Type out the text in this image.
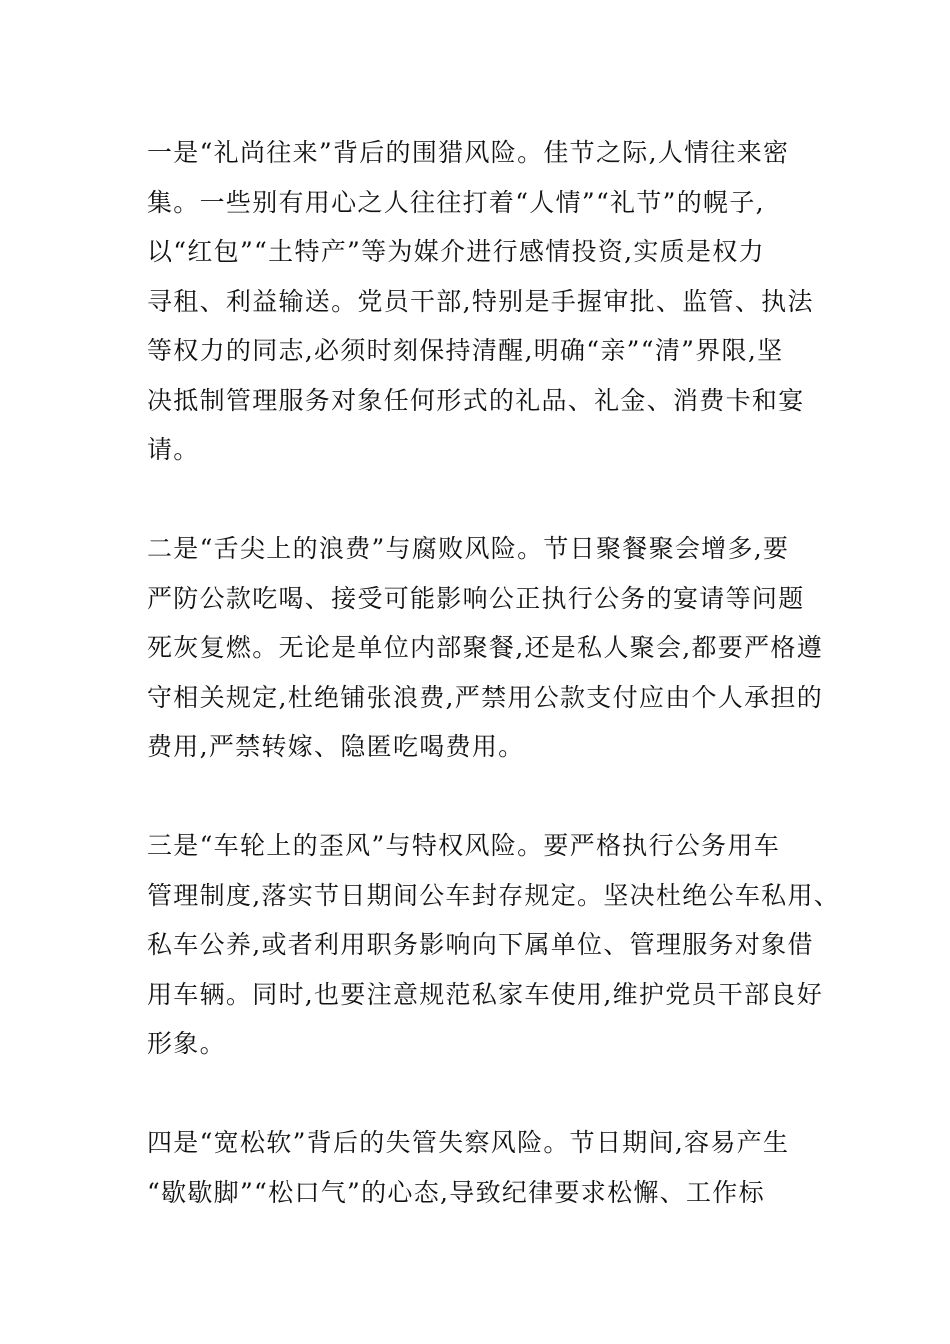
一是“礼尚往来”背后的围猎风险。佳节之际,人情往来密
集。一些别有用心之人往往打着“人情”“礼节”的幌子,
以“红包”“土特产”等为媒介进行感情投资,实质是权力
寻租、利益输送。党员干部,特别是手握审批、监管、执法
等权力的同志,必须时刻保持清醒,明确“亲”“清”界限,坚
决抵制管理服务对象任何形式的礼品、礼金、消费卡和宴
请。
二是“舌尖上的浪费”与腐败风险。节日聚餐聚会增多,要
严防公款吃喝、接受可能影响公正执行公务的宴请等问题
死灰复燃。无论是单位内部聚餐,还是私人聚会,都要严格遵
守相关规定,杜绝铺张浪费,严禁用公款支付应由个人承担的
费用,严禁转嫁、隐匿吃喝费用。
三是“车轮上的歪风”与特权风险。要严格执行公务用车
管理制度,落实节日期间公车封存规定。坚决杜绝公车私用、
私车公养,或者利用职务影响向下属单位、管理服务对象借
用车辆。同时,也要注意规范私家车使用,维护党员干部良好
形象。
四是“宽松软”背后的失管失察风险。节日期间,容易产生
“歇歇脚”“松口气”的心态,导致纪律要求松懈、工作标
